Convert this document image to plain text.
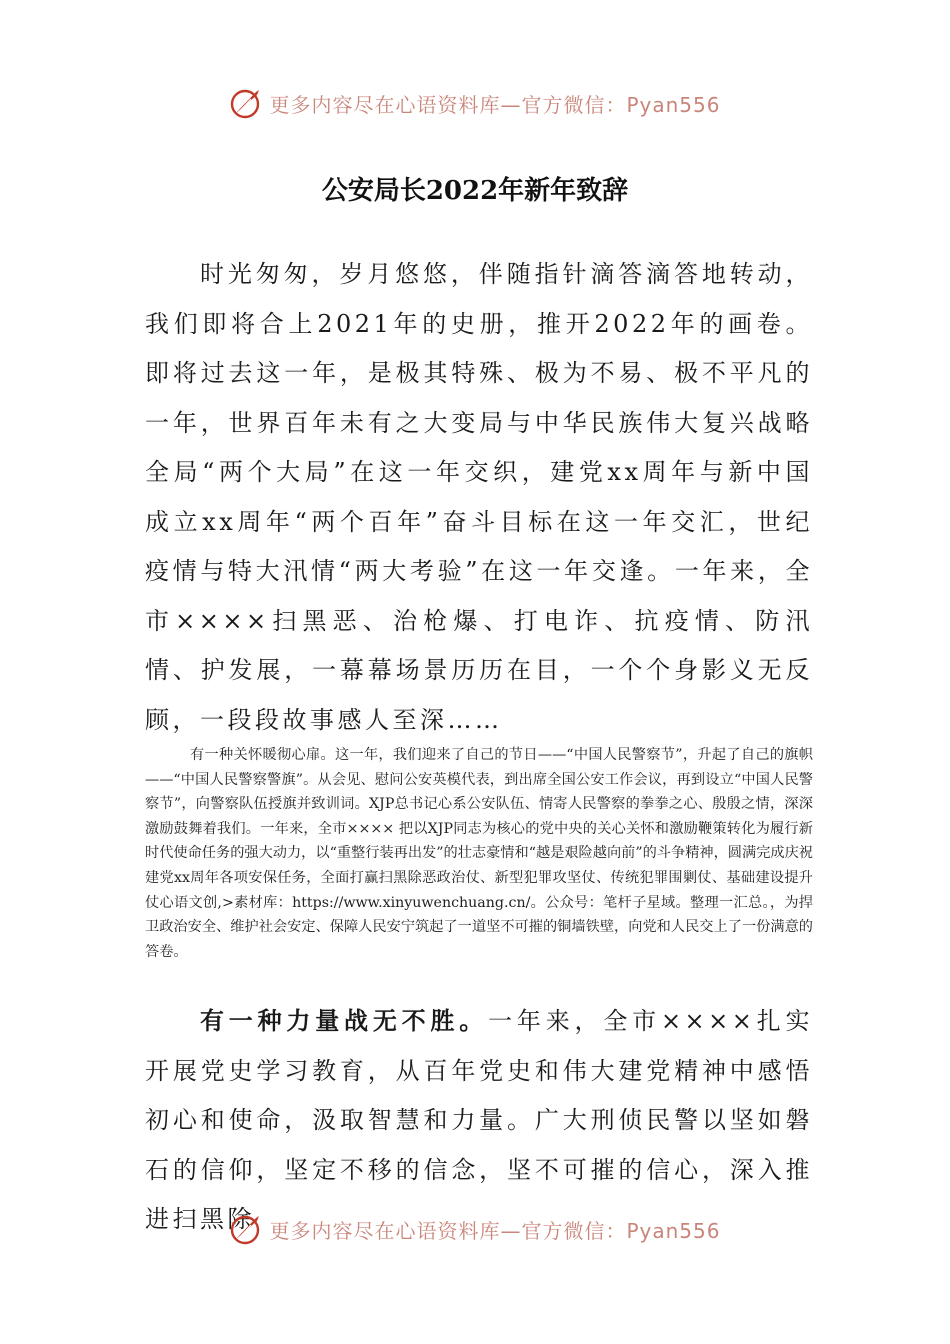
更多内容尽在心语资料库—官方微信：Pyan556
公安局长2022年新年致辞

时光匆匆，岁月悠悠，伴随指针滴答滴答地转动，我们即将合上2021年的史册，推开2022年的画卷。即将过去这一年，是极其特殊、极为不易、极不平凡的一年，世界百年未有之大变局与中华民族伟大复兴战略全局“两个大局”在这一年交织，建党xx周年与新中国成立xx周年“两个百年”奋斗目标在这一年交汇，世纪疫情与特大汛情“两大考验”在这一年交逢。一年来，全市××××扫黑恶、治枪爆、打电诈、抗疫情、防汛情、护发展，一幕幕场景历历在目，一个个身影义无反顾，一段段故事感人至深……

有一种关怀暖彻心扉。这一年，我们迎来了自己的节日——“中国人民警察节”，升起了自己的旗帜——“中国人民警察警旗”。从会见、慰问公安英模代表，到出席全国公安工作会议，再到设立“中国人民警察节”，向警察队伍授旗并致训词。XJP总书记心系公安队伍、情寄人民警察的拳拳之心、殷殷之情，深深激励鼓舞着我们。一年来，全市×××× 把以XJP同志为核心的党中央的关心关怀和激励鞭策转化为履行新时代使命任务的强大动力，以“重整行装再出发”的壮志豪情和“越是艰险越向前”的斗争精神，圆满完成庆祝建党xx周年各项安保任务，全面打赢扫黑除恶政治仗、新型犯罪攻坚仗、传统犯罪围剿仗、基础建设提升仗心语文创,>素材库：https://www.xinyuwenchuang.cn/。公众号：笔杆子星域。整理一汇总。，为捍卫政治安全、维护社会安定、保障人民安宁筑起了一道坚不可摧的铜墙铁壁，向党和人民交上了一份满意的答卷。

有一种力量战无不胜。一年来，全市××××扎实开展党史学习教育，从百年党史和伟大建党精神中感悟初心和使命，汲取智慧和力量。广大刑侦民警以坚如磐石的信仰，坚定不移的信念，坚不可摧的信心，深入推进扫黑除 更多内容尽在心语资料库—官方微信：Pyan556
